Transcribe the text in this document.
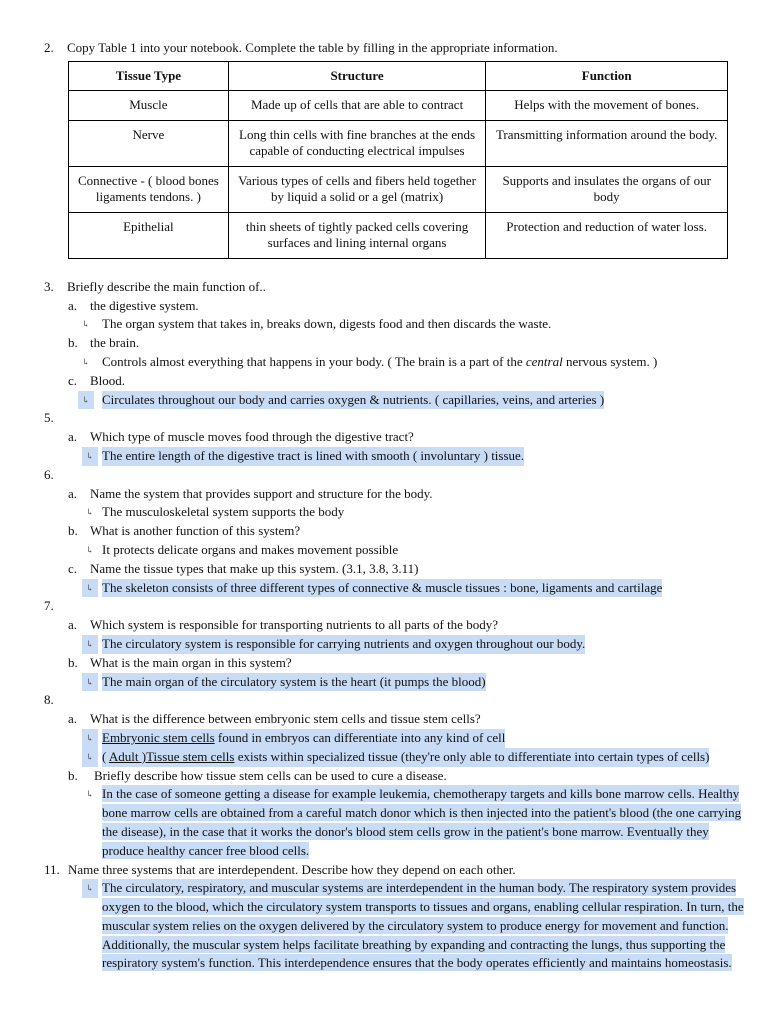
2. Copy Table 1 into your notebook. Complete the table by filling in the appropriate information.
Tissue Type	Structure	Function
Muscle	Made up of cells that are able to contract	Helps with the movement of bones.
Nerve	Long thin cells with fine branches at the ends capable of conducting electrical impulses	Transmitting information around the body.
Connective - ( blood bones ligaments tendons. )	Various types of cells and fibers held together by liquid a solid or a gel (matrix)	Supports and insulates the organs of our body
Epithelial	thin sheets of tightly packed cells covering surfaces and lining internal organs	Protection and reduction of water loss.
3. Briefly describe the main function of..
a. the digestive system.
↳ The organ system that takes in, breaks down, digests food and then discards the waste.
b. the brain.
↳ Controls almost everything that happens in your body. ( The brain is a part of the central nervous system. )
c. Blood.
↳ Circulates throughout our body and carries oxygen & nutrients. ( capillaries, veins, and arteries )
5.
a. Which type of muscle moves food through the digestive tract?
↳ The entire length of the digestive tract is lined with smooth ( involuntary ) tissue.
6.
a. Name the system that provides support and structure for the body.
↳ The musculoskeletal system supports the body
b. What is another function of this system?
↳ It protects delicate organs and makes movement possible
c. Name the tissue types that make up this system. (3.1, 3.8, 3.11)
↳ The skeleton consists of three different types of connective & muscle tissues : bone, ligaments and cartilage
7.
a. Which system is responsible for transporting nutrients to all parts of the body?
↳ The circulatory system is responsible for carrying nutrients and oxygen throughout our body.
b. What is the main organ in this system?
↳ The main organ of the circulatory system is the heart (it pumps the blood)
8.
a. What is the difference between embryonic stem cells and tissue stem cells?
↳ Embryonic stem cells found in embryos can differentiate into any kind of cell
↳ ( Adult )Tissue stem cells exists within specialized tissue (they're only able to differentiate into certain types of cells)
b. Briefly describe how tissue stem cells can be used to cure a disease.
↳ In the case of someone getting a disease for example leukemia, chemotherapy targets and kills bone marrow cells. Healthy bone marrow cells are obtained from a careful match donor which is then injected into the patient's blood (the one carrying the disease), in the case that it works the donor's blood stem cells grow in the patient's bone marrow. Eventually they produce healthy cancer free blood cells.
11. Name three systems that are interdependent. Describe how they depend on each other.
↳ The circulatory, respiratory, and muscular systems are interdependent in the human body. The respiratory system provides oxygen to the blood, which the circulatory system transports to tissues and organs, enabling cellular respiration. In turn, the muscular system relies on the oxygen delivered by the circulatory system to produce energy for movement and function. Additionally, the muscular system helps facilitate breathing by expanding and contracting the lungs, thus supporting the respiratory system's function. This interdependence ensures that the body operates efficiently and maintains homeostasis.
